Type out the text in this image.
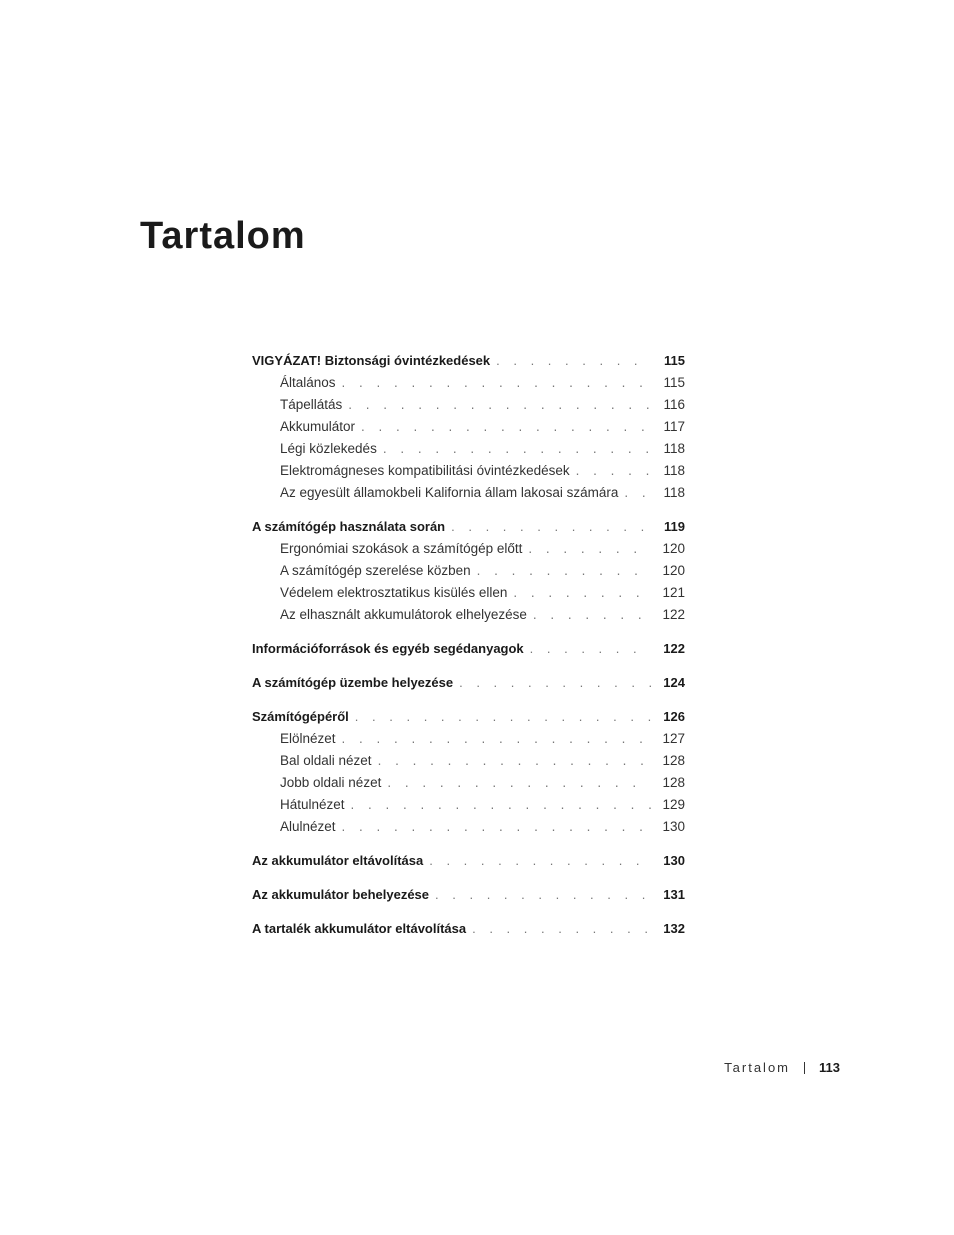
Tartalom
VIGYÁZAT! Biztonsági óvintézkedések . . .	115
Általános . . .	115
Tápellátás . . .	116
Akkumulátor . . .	117
Légi közlekedés . . .	118
Elektromágneses kompatibilitási óvintézkedések . . .	118
Az egyesült államokbeli Kalifornia állam lakosai számára . . .	118
A számítógép használata során . . .	119
Ergonómiai szokások a számítógép előtt . . .	120
A számítógép szerelése közben . . .	120
Védelem elektrosztatikus kisülés ellen . . .	121
Az elhasznált akkumulátorok elhelyezése . . .	122
Információforrások és egyéb segédanyagok . . .	122
A számítógép üzembe helyezése . . .	124
Számítógépéről . . .	126
Elölnézet . . .	127
Bal oldali nézet . . .	128
Jobb oldali nézet . . .	128
Hátulnézet . . .	129
Alulnézet . . .	130
Az akkumulátor eltávolítása . . .	130
Az akkumulátor behelyezése . . .	131
A tartalék akkumulátor eltávolítása . . .	132
Tartalom 113
